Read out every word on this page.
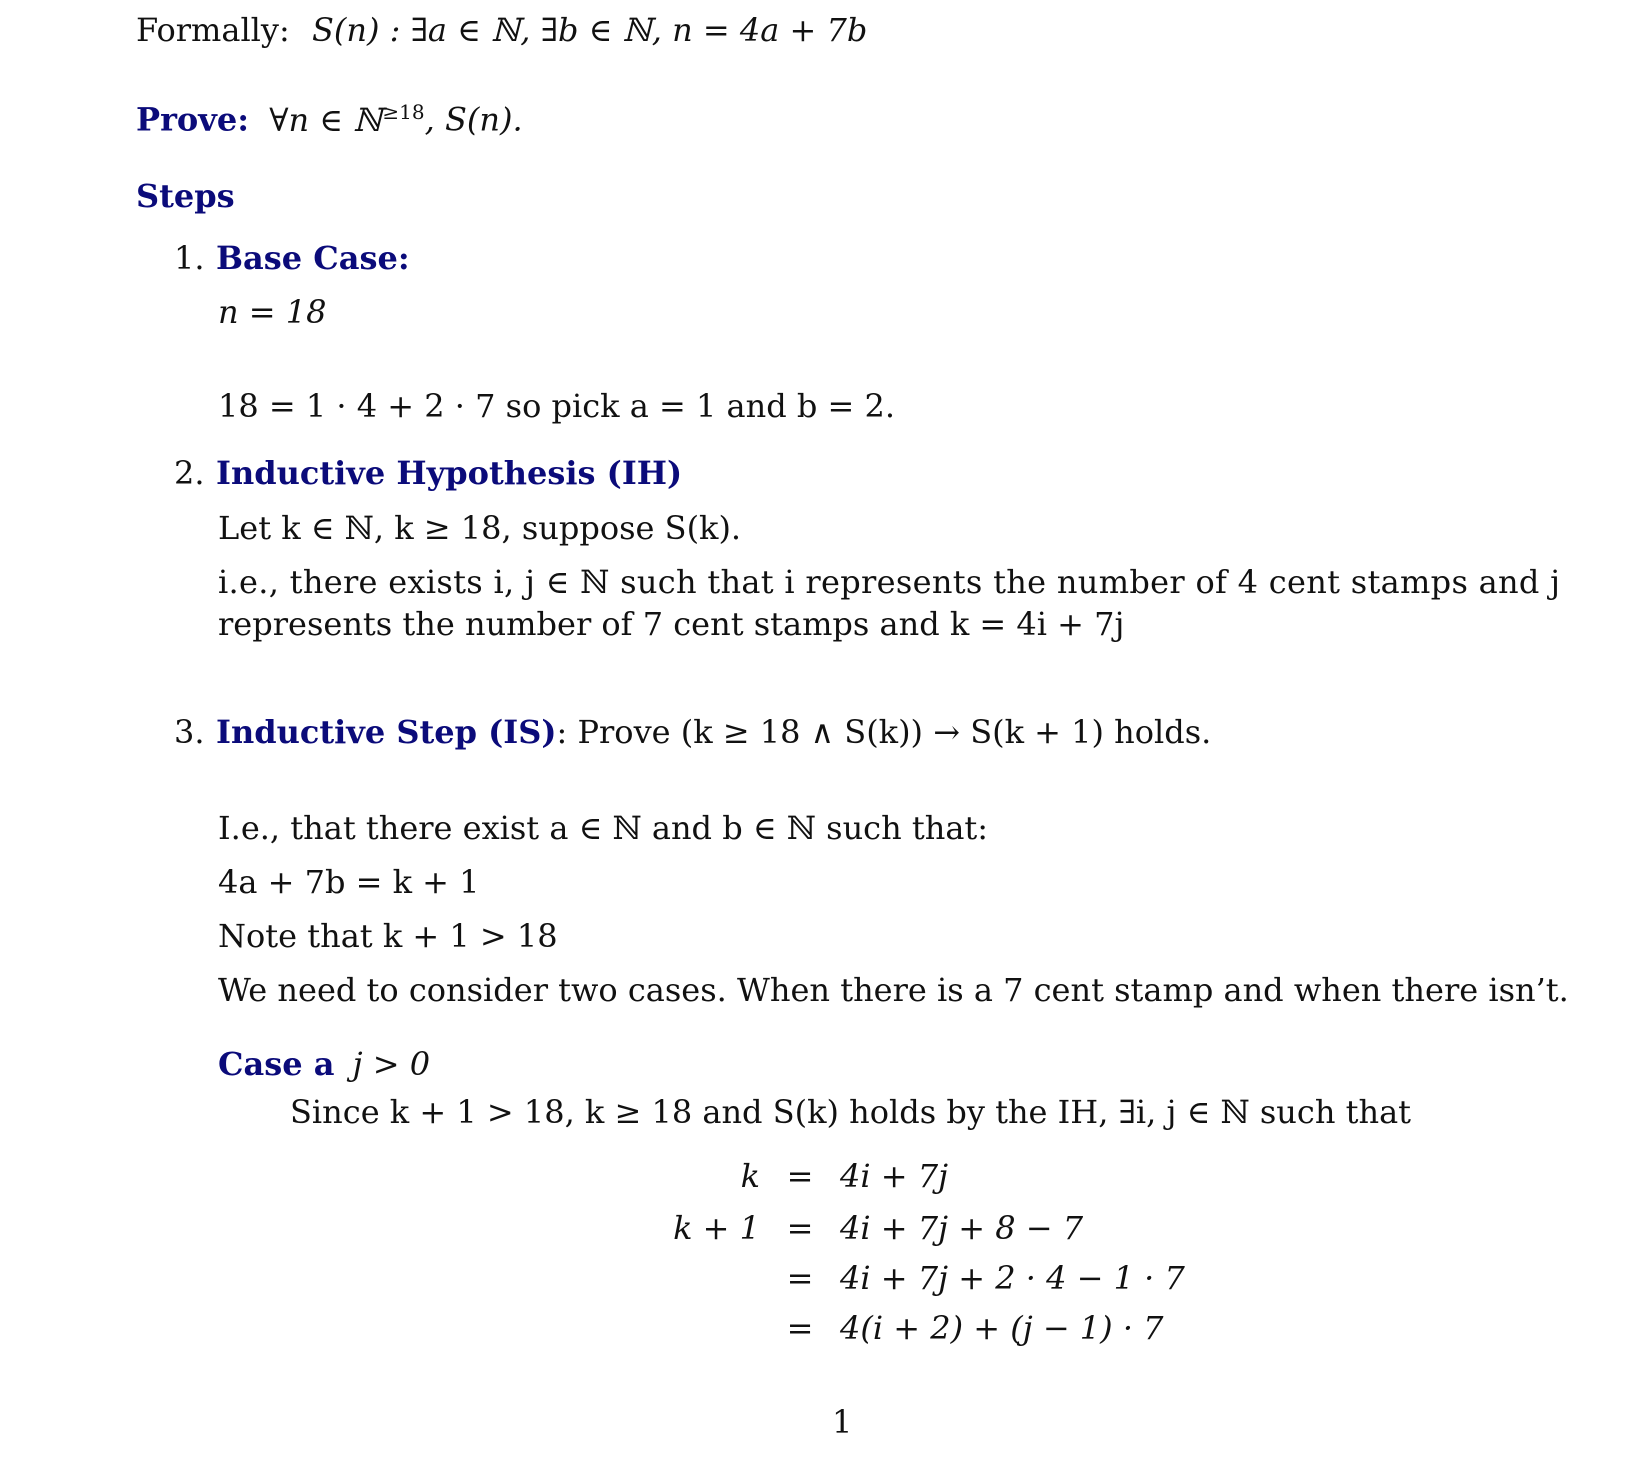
Formally: S(n) : ∃a ∈ ℕ, ∃b ∈ ℕ, n = 4a + 7b
Prove: ∀n ∈ ℕ$^{\ge 18}$, S(n).
Steps
1. Base Case:
n = 18
18 = 1 · 4 + 2 · 7 so pick a = 1 and b = 2.
2. Inductive Hypothesis (IH)
Let k ∈ ℕ, k ≥ 18, suppose S(k).
i.e., there exists i, j ∈ ℕ such that i represents the number of 4 cent stamps and j
represents the number of 7 cent stamps and k = 4i + 7j
3. Inductive Step (IS): Prove (k ≥ 18 ∧ S(k)) → S(k + 1) holds.
I.e., that there exist a ∈ ℕ and b ∈ ℕ such that:
4a + 7b = k + 1
Note that k + 1 > 18
We need to consider two cases. When there is a 7 cent stamp and when there isn’t.
Case a j > 0
Since k + 1 > 18, k ≥ 18 and S(k) holds by the IH, ∃i, j ∈ ℕ such that
k = 4i + 7j
k + 1 = 4i + 7j + 8 − 7
= 4i + 7j + 2 · 4 − 1 · 7
= 4(i + 2) + (j − 1) · 7
1
